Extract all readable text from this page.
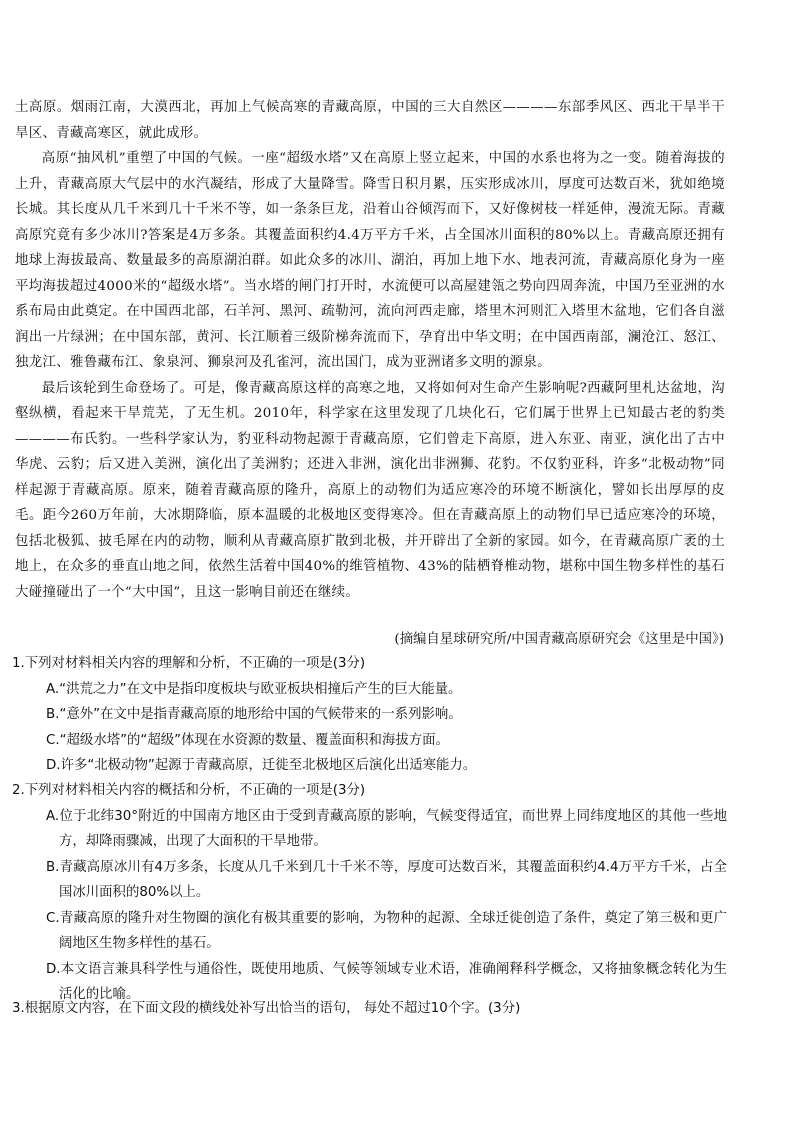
土高原。烟雨江南，大漠西北，再加上气候高寒的青藏高原，中国的三大自然区————东部季风区、西北干旱半干旱区、青藏高寒区，就此成形。

高原“抽风机”重塑了中国的气候。一座“超级水塔”又在高原上竖立起来，中国的水系也将为之一变。随着海拔的上升，青藏高原大气层中的水汽凝结，形成了大量降雪。降雪日积月累，压实形成冰川，厚度可达数百米，犹如绝境长城。其长度从几千米到几十千米不等，如一条条巨龙，沿着山谷倾泻而下，又好像树枝一样延伸，漫流无际。青藏高原究竟有多少冰川?答案是4万多条。其覆盖面积约4.4万平方千米，占全国冰川面积的80%以上。青藏高原还拥有地球上海拔最高、数量最多的高原湖泊群。如此众多的冰川、湖泊，再加上地下水、地表河流，青藏高原化身为一座平均海拔超过4000米的“超级水塔”。当水塔的闸门打开时，水流便可以高屋建瓴之势向四周奔流，中国乃至亚洲的水系布局由此奠定。在中国西北部，石羊河、黑河、疏勒河，流向河西走廊，塔里木河则汇入塔里木盆地，它们各自滋润出一片绿洲；在中国东部，黄河、长江顺着三级阶梯奔流而下，孕育出中华文明；在中国西南部，澜沧江、怒江、独龙江、雅鲁藏布江、象泉河、狮泉河及孔雀河，流出国门，成为亚洲诸多文明的源泉。

最后该轮到生命登场了。可是，像青藏高原这样的高寒之地，又将如何对生命产生影响呢?西藏阿里札达盆地，沟壑纵横，看起来干旱荒芜，了无生机。2010年，科学家在这里发现了几块化石，它们属于世界上已知最古老的豹类————布氏豹。一些科学家认为，豹亚科动物起源于青藏高原，它们曾走下高原，进入东亚、南亚，演化出了古中华虎、云豹；后又进入美洲，演化出了美洲豹；还进入非洲，演化出非洲狮、花豹。不仅豹亚科，许多“北极动物”同样起源于青藏高原。原来，随着青藏高原的隆升，高原上的动物们为适应寒冷的环境不断演化，譬如长出厚厚的皮毛。距今260万年前，大冰期降临，原本温暖的北极地区变得寒冷。但在青藏高原上的动物们早已适应寒冷的环境，包括北极狐、披毛犀在内的动物，顺利从青藏高原扩散到北极，并开辟出了全新的家园。如今，在青藏高原广袤的土地上，在众多的垂直山地之间，依然生活着中国40%的维管植物、43%的陆栖脊椎动物，堪称中国生物多样性的基石大碰撞碰出了一个“大中国”，且这一影响目前还在继续。

(摘编自星球研究所/中国青藏高原研究会《这里是中国》)

1.下列对材料相关内容的理解和分析，不正确的一项是(3分)

A.“洪荒之力”在文中是指印度板块与欧亚板块相撞后产生的巨大能量。

B.“意外”在文中是指青藏高原的地形给中国的气候带来的一系列影响。

C.“超级水塔”的“超级”体现在水资源的数量、覆盖面积和海拔方面。

D.许多“北极动物”起源于青藏高原，迁徙至北极地区后演化出适寒能力。

2.下列对材料相关内容的概括和分析，不正确的一项是(3分)

A.位于北纬30°附近的中国南方地区由于受到青藏高原的影响，气候变得适宜，而世界上同纬度地区的其他一些地方，却降雨骤减，出现了大面积的干旱地带。

B.青藏高原冰川有4万多条，长度从几千米到几十千米不等，厚度可达数百米，其覆盖面积约4.4万平方千米，占全国冰川面积的80%以上。

C.青藏高原的隆升对生物圈的演化有极其重要的影响，为物种的起源、全球迁徙创造了条件，奠定了第三极和更广阔地区生物多样性的基石。

D.本文语言兼具科学性与通俗性，既使用地质、气候等领域专业术语，准确阐释科学概念，又将抽象概念转化为生活化的比喻。

3.根据原文内容，在下面文段的横线处补写出恰当的语句， 每处不超过10个字。(3分)
